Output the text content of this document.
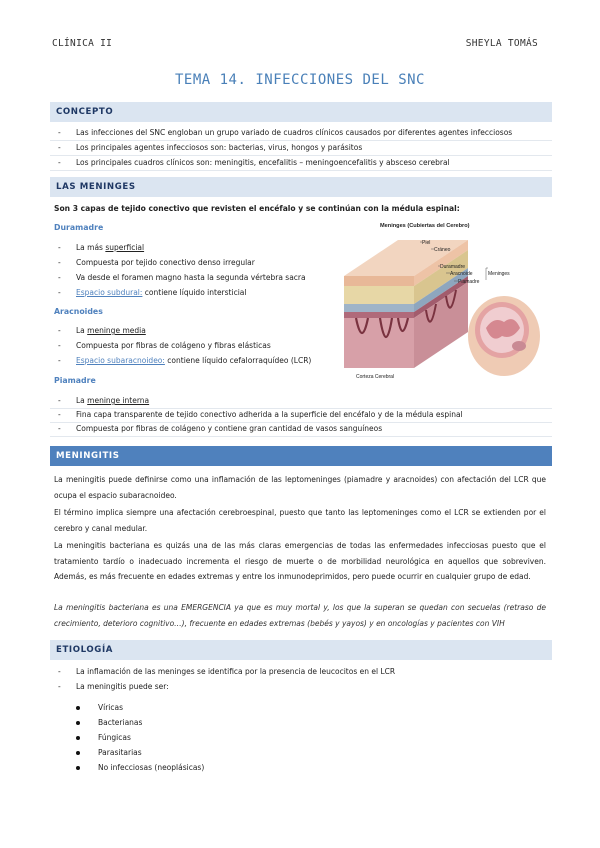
CLÍNICA II	SHEYLA TOMÁS
TEMA 14. INFECCIONES DEL SNC
CONCEPTO
- Las infecciones del SNC engloban un grupo variado de cuadros clínicos causados por diferentes agentes infecciosos
- Los principales agentes infecciosos son: bacterias, virus, hongos y parásitos
- Los principales cuadros clínicos son: meningitis, encefalitis – meningoencefalitis y absceso cerebral
LAS MENINGES
Son 3 capas de tejido conectivo que revisten el encéfalo y se continúan con la médula espinal:
Duramadre
La más superficial
Compuesta por tejido conectivo denso irregular
Va desde el foramen magno hasta la segunda vértebra sacra
Espacio subdural: contiene líquido intersticial
Aracnoides
La meninge media
Compuesta por fibras de colágeno y fibras elásticas
Espacio subaracnoideo: contiene líquido cefalorraquídeo (LCR)
Piamadre
- La meninge interna
- Fina capa transparente de tejido conectivo adherida a la superficie del encéfalo y de la médula espinal
- Compuesta por fibras de colágeno y contiene gran cantidad de vasos sanguíneos
Meninges (Cubiertas del Cerebro)
Piel
Cráneo
Duramadre
Aracnoide
Piamadre
Meninges
Corteza Cerebral
MENINGITIS
La meningitis puede definirse como una inflamación de las leptomeninges (piamadre y aracnoides) con afectación del LCR que ocupa el espacio subaracnoideo.
El término implica siempre una afectación cerebroespinal, puesto que tanto las leptomeninges como el LCR se extienden por el cerebro y canal medular.
La meningitis bacteriana es quizás una de las más claras emergencias de todas las enfermedades infecciosas puesto que el tratamiento tardío o inadecuado incrementa el riesgo de muerte o de morbilidad neurológica en aquellos que sobreviven. Además, es más frecuente en edades extremas y entre los inmunodeprimidos, pero puede ocurrir en cualquier grupo de edad.
La meningitis bacteriana es una EMERGENCIA ya que es muy mortal y, los que la superan se quedan con secuelas (retraso de crecimiento, deterioro cognitivo…), frecuente en edades extremas (bebés y yayos) y en oncologías y pacientes con VIH
ETIOLOGÍA
La inflamación de las meninges se identifica por la presencia de leucocitos en el LCR
La meningitis puede ser:
Víricas
Bacterianas
Fúngicas
Parasitarias
No infecciosas (neoplásicas)
